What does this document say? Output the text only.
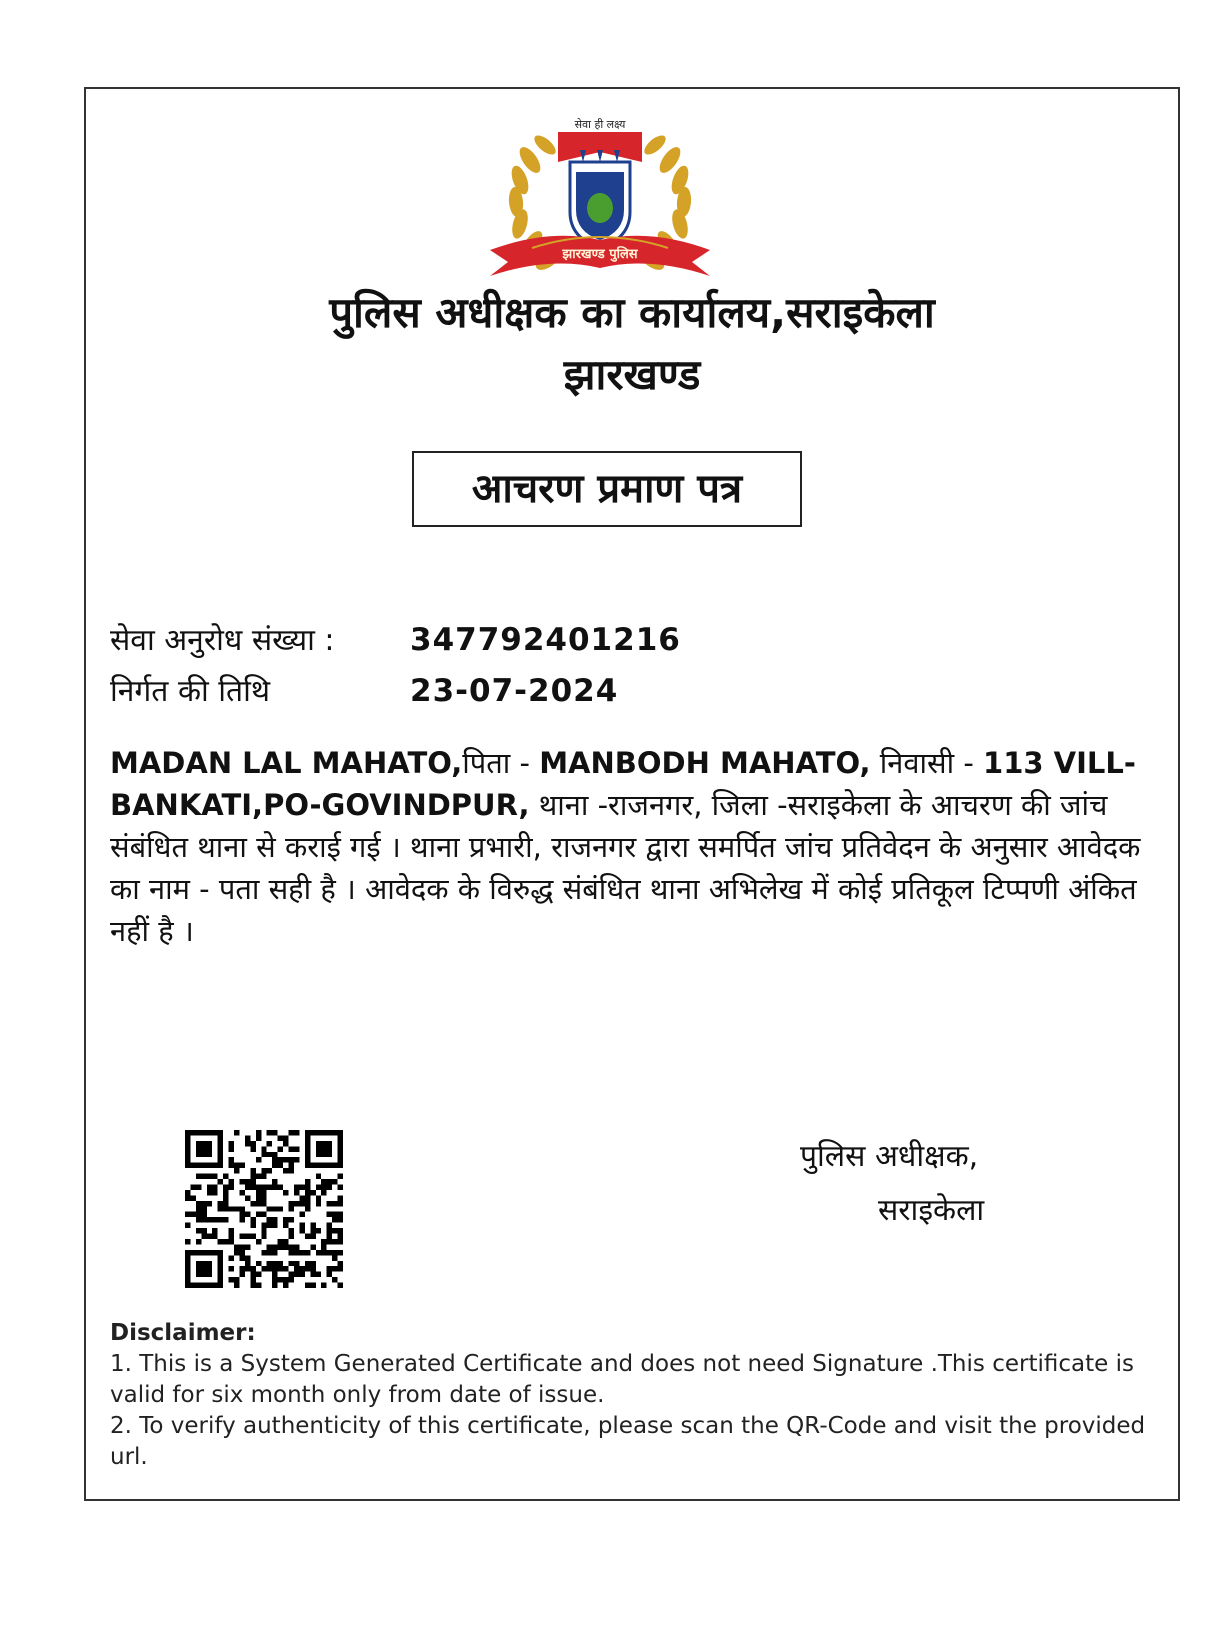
सेवा ही लक्ष्य
झारखण्ड पुलिस
पुलिस अधीक्षक का कार्यालय,सराइकेला
झारखण्ड
आचरण प्रमाण पत्र
सेवा अनुरोध संख्या :	347792401216
निर्गत की तिथि	23-07-2024
MADAN LAL MAHATO,पिता - MANBODH MAHATO, निवासी - 113 VILL-BANKATI,PO-GOVINDPUR, थाना -राजनगर, जिला -सराइकेला के आचरण की जांच संबंधित थाना से कराई गई । थाना प्रभारी, राजनगर द्वारा समर्पित जांच प्रतिवेदन के अनुसार आवेदक का नाम - पता सही है । आवेदक के विरुद्ध संबंधित थाना अभिलेख में कोई प्रतिकूल टिप्पणी अंकित नहीं है ।
पुलिस अधीक्षक,
सराइकेला
Disclaimer:
1. This is a System Generated Certificate and does not need Signature .This certificate is valid for six month only from date of issue.
2. To verify authenticity of this certificate, please scan the QR-Code and visit the provided url.
